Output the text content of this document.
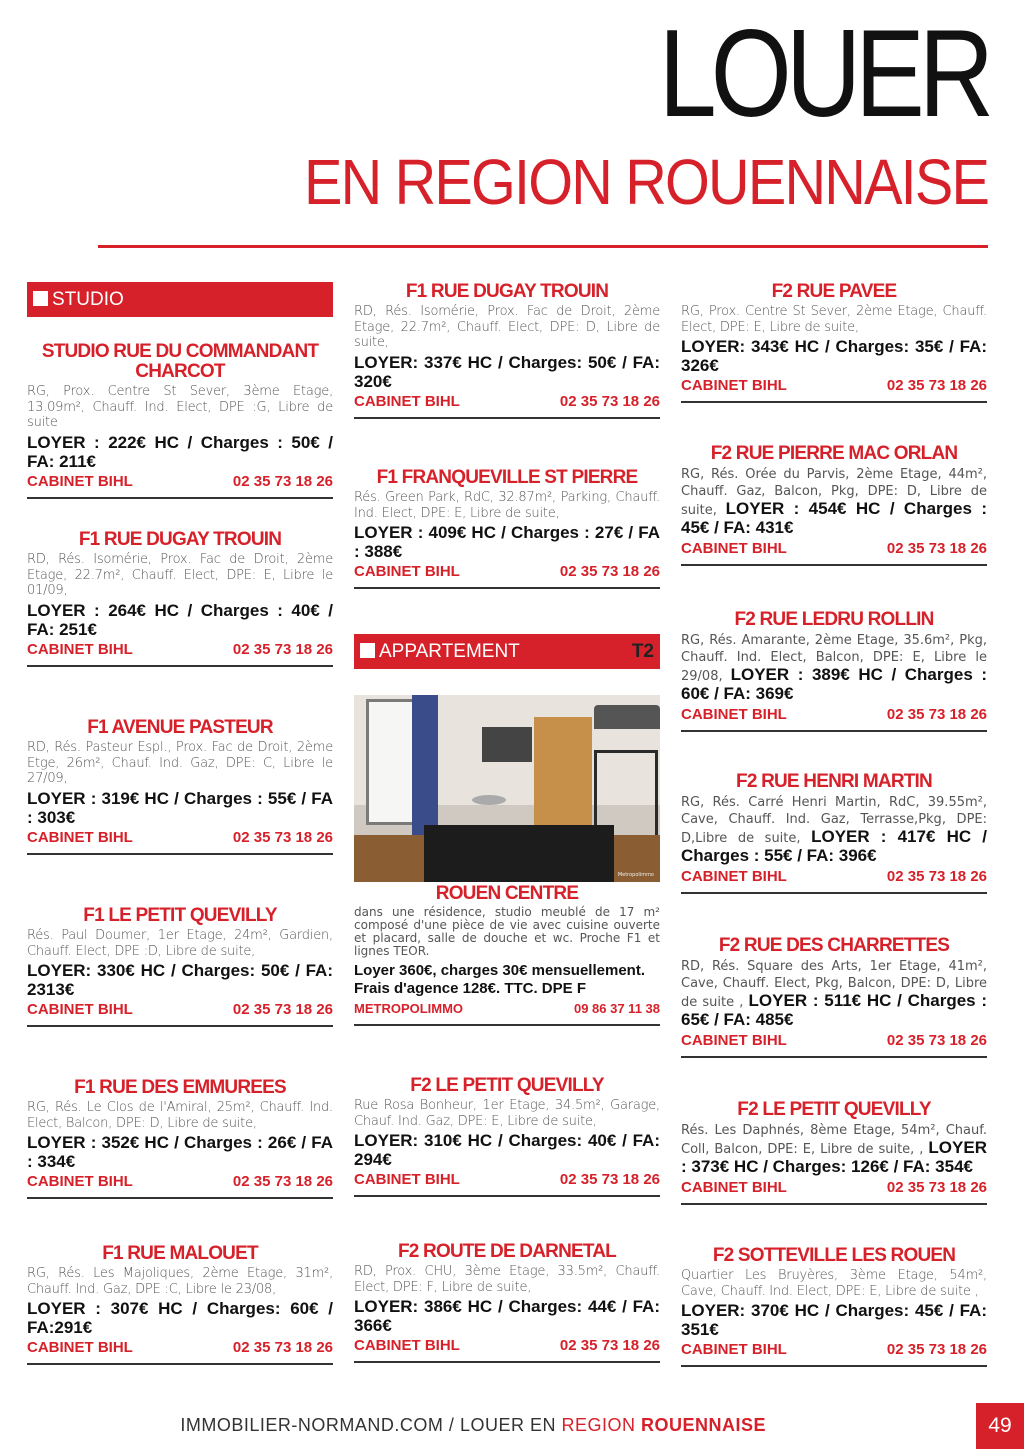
LOUER
EN REGION ROUENNAISE
STUDIO
STUDIO RUE DU COMMANDANT CHARCOT
RG, Prox. Centre St Sever, 3ème Etage, 13.09m², Chauff. Ind. Elect, DPE :G, Libre de suite
LOYER : 222€ HC / Charges : 50€ / FA: 211€
CABINET BIHL	02 35 73 18 26
F1 RUE DUGAY TROUIN
RD, Rés. Isomérie, Prox. Fac de Droit, 2ème Etage, 22.7m², Chauff. Elect, DPE: E, Libre le 01/09,
LOYER : 264€ HC / Charges : 40€ / FA: 251€
CABINET BIHL	02 35 73 18 26
F1 AVENUE PASTEUR
RD, Rés. Pasteur Espl., Prox. Fac de Droit, 2ème Etge, 26m², Chauf. Ind. Gaz, DPE: C, Libre le 27/09,
LOYER : 319€ HC / Charges : 55€ / FA : 303€
CABINET BIHL	02 35 73 18 26
F1 LE PETIT QUEVILLY
Rés. Paul Doumer, 1er Etage, 24m², Gardien, Chauff. Elect, DPE :D, Libre de suite,
LOYER: 330€ HC / Charges: 50€ / FA: 2313€
CABINET BIHL	02 35 73 18 26
F1 RUE DES EMMUREES
RG, Rés. Le Clos de l'Amiral, 25m², Chauff. Ind. Elect, Balcon, DPE: D, Libre de suite,
LOYER : 352€ HC / Charges : 26€ / FA : 334€
CABINET BIHL	02 35 73 18 26
F1 RUE MALOUET
RG, Rés. Les Majoliques, 2ème Etage, 31m², Chauff. Ind. Gaz, DPE :C, Libre le 23/08,
LOYER : 307€ HC / Charges: 60€ / FA:291€
CABINET BIHL	02 35 73 18 26
F1 RUE DUGAY TROUIN
RD, Rés. Isomérie, Prox. Fac de Droit, 2ème Etage, 22.7m², Chauff. Elect, DPE: D, Libre de suite,
LOYER: 337€ HC / Charges: 50€ / FA: 320€
CABINET BIHL	02 35 73 18 26
F1 FRANQUEVILLE ST PIERRE
Rés. Green Park, RdC, 32.87m², Parking, Chauff. Ind. Elect, DPE: E, Libre de suite,
LOYER : 409€ HC / Charges : 27€ / FA : 388€
CABINET BIHL	02 35 73 18 26
APPARTEMENT	T2
Metropolimmo
ROUEN CENTRE
dans une résidence, studio meublé de 17 m² composé d'une pièce de vie avec cuisine ouverte et placard, salle de douche et wc. Proche F1 et lignes TEOR.
Loyer 360€, charges 30€ mensuellement. Frais d'agence 128€. TTC. DPE F
METROPOLIMMO	09 86 37 11 38
F2 LE PETIT QUEVILLY
Rue Rosa Bonheur, 1er Etage, 34.5m², Garage, Chauf. Ind. Gaz, DPE: E, Libre de suite,
LOYER: 310€ HC / Charges: 40€ / FA: 294€
CABINET BIHL	02 35 73 18 26
F2 ROUTE DE DARNETAL
RD, Prox. CHU, 3ème Etage, 33.5m², Chauff. Elect, DPE: F, Libre de suite,
LOYER: 386€ HC / Charges: 44€ / FA: 366€
CABINET BIHL	02 35 73 18 26
F2 RUE PAVEE
RG, Prox. Centre St Sever, 2ème Etage, Chauff. Elect, DPE: E, Libre de suite,
LOYER: 343€ HC / Charges: 35€ / FA: 326€
CABINET BIHL	02 35 73 18 26
F2 RUE PIERRE MAC ORLAN
RG, Rés. Orée du Parvis, 2ème Etage, 44m², Chauff. Gaz, Balcon, Pkg, DPE: D, Libre de suite, LOYER : 454€ HC / Charges : 45€ / FA: 431€
CABINET BIHL	02 35 73 18 26
F2 RUE LEDRU ROLLIN
RG, Rés. Amarante, 2ème Etage, 35.6m², Pkg, Chauff. Ind. Elect, Balcon, DPE: E, Libre le 29/08, LOYER : 389€ HC / Charges : 60€ / FA: 369€
CABINET BIHL	02 35 73 18 26
F2 RUE HENRI MARTIN
RG, Rés. Carré Henri Martin, RdC, 39.55m², Cave, Chauff. Ind. Gaz, Terrasse,Pkg, DPE: D,Libre de suite, LOYER : 417€ HC / Charges : 55€ / FA: 396€
CABINET BIHL	02 35 73 18 26
F2 RUE DES CHARRETTES
RD, Rés. Square des Arts, 1er Etage, 41m², Cave, Chauff. Elect, Pkg, Balcon, DPE: D, Libre de suite , LOYER : 511€ HC / Charges : 65€ / FA: 485€
CABINET BIHL	02 35 73 18 26
F2 LE PETIT QUEVILLY
Rés. Les Daphnés, 8ème Etage, 54m², Chauf. Coll, Balcon, DPE: E, Libre de suite, , LOYER : 373€ HC / Charges: 126€ / FA: 354€
CABINET BIHL	02 35 73 18 26
F2 SOTTEVILLE LES ROUEN
Quartier Les Bruyères, 3ème Etage, 54m², Cave, Chauff. Ind. Elect, DPE: E, Libre de suite ,
LOYER: 370€ HC / Charges: 45€ / FA: 351€
CABINET BIHL	02 35 73 18 26
IMMOBILIER-NORMAND.COM / LOUER EN REGION ROUENNAISE	49
